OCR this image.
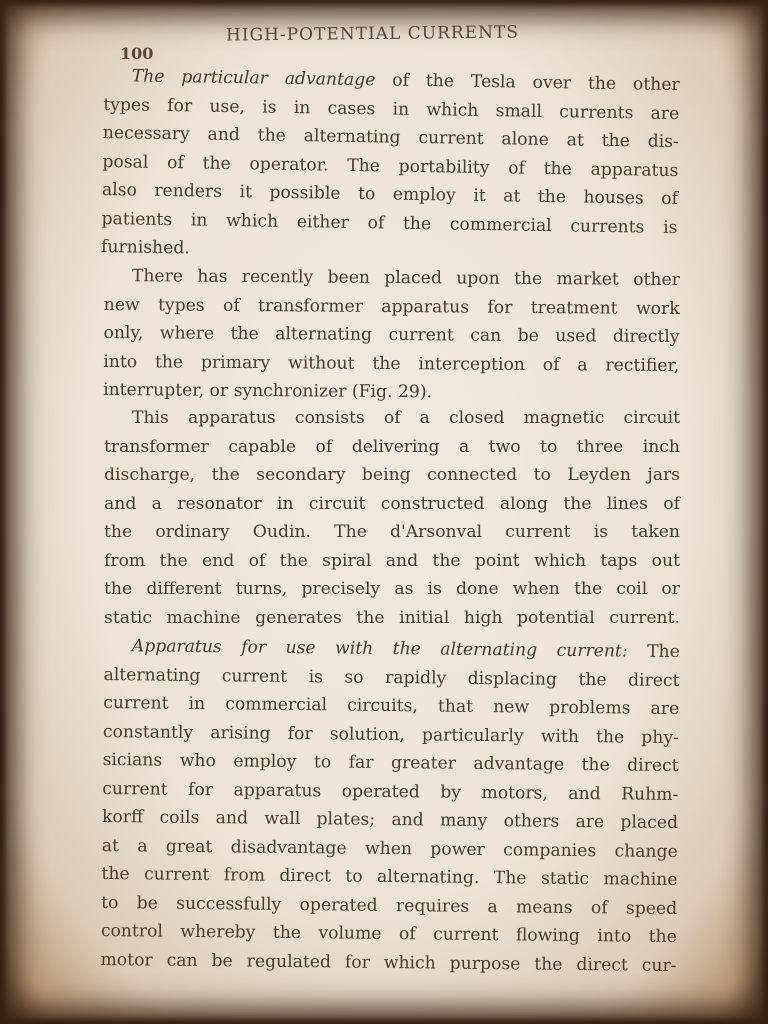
100
HIGH-POTENTIAL CURRENTS
The particular advantage of the Tesla over the other
types for use, is in cases in which small currents are
necessary and the alternating current alone at the dis-
posal of the operator. The portability of the apparatus
also renders it possible to employ it at the houses of
patients in which either of the commercial currents is
furnished.
There has recently been placed upon the market other
new types of transformer apparatus for treatment work
only, where the alternating current can be used directly
into the primary without the interception of a rectifier,
interrupter, or synchronizer (Fig. 29).
This apparatus consists of a closed magnetic circuit
transformer capable of delivering a two to three inch
discharge, the secondary being connected to Leyden jars
and a resonator in circuit constructed along the lines of
the ordinary Oudin. The d'Arsonval current is taken
from the end of the spiral and the point which taps out
the different turns, precisely as is done when the coil or
static machine generates the initial high potential current.
Apparatus for use with the alternating current: The
alternating current is so rapidly displacing the direct
current in commercial circuits, that new problems are
constantly arising for solution, particularly with the phy-
sicians who employ to far greater advantage the direct
current for apparatus operated by motors, and Ruhm-
korff coils and wall plates; and many others are placed
at a great disadvantage when power companies change
the current from direct to alternating. The static machine
to be successfully operated requires a means of speed
control whereby the volume of current flowing into the
motor can be regulated for which purpose the direct cur-
